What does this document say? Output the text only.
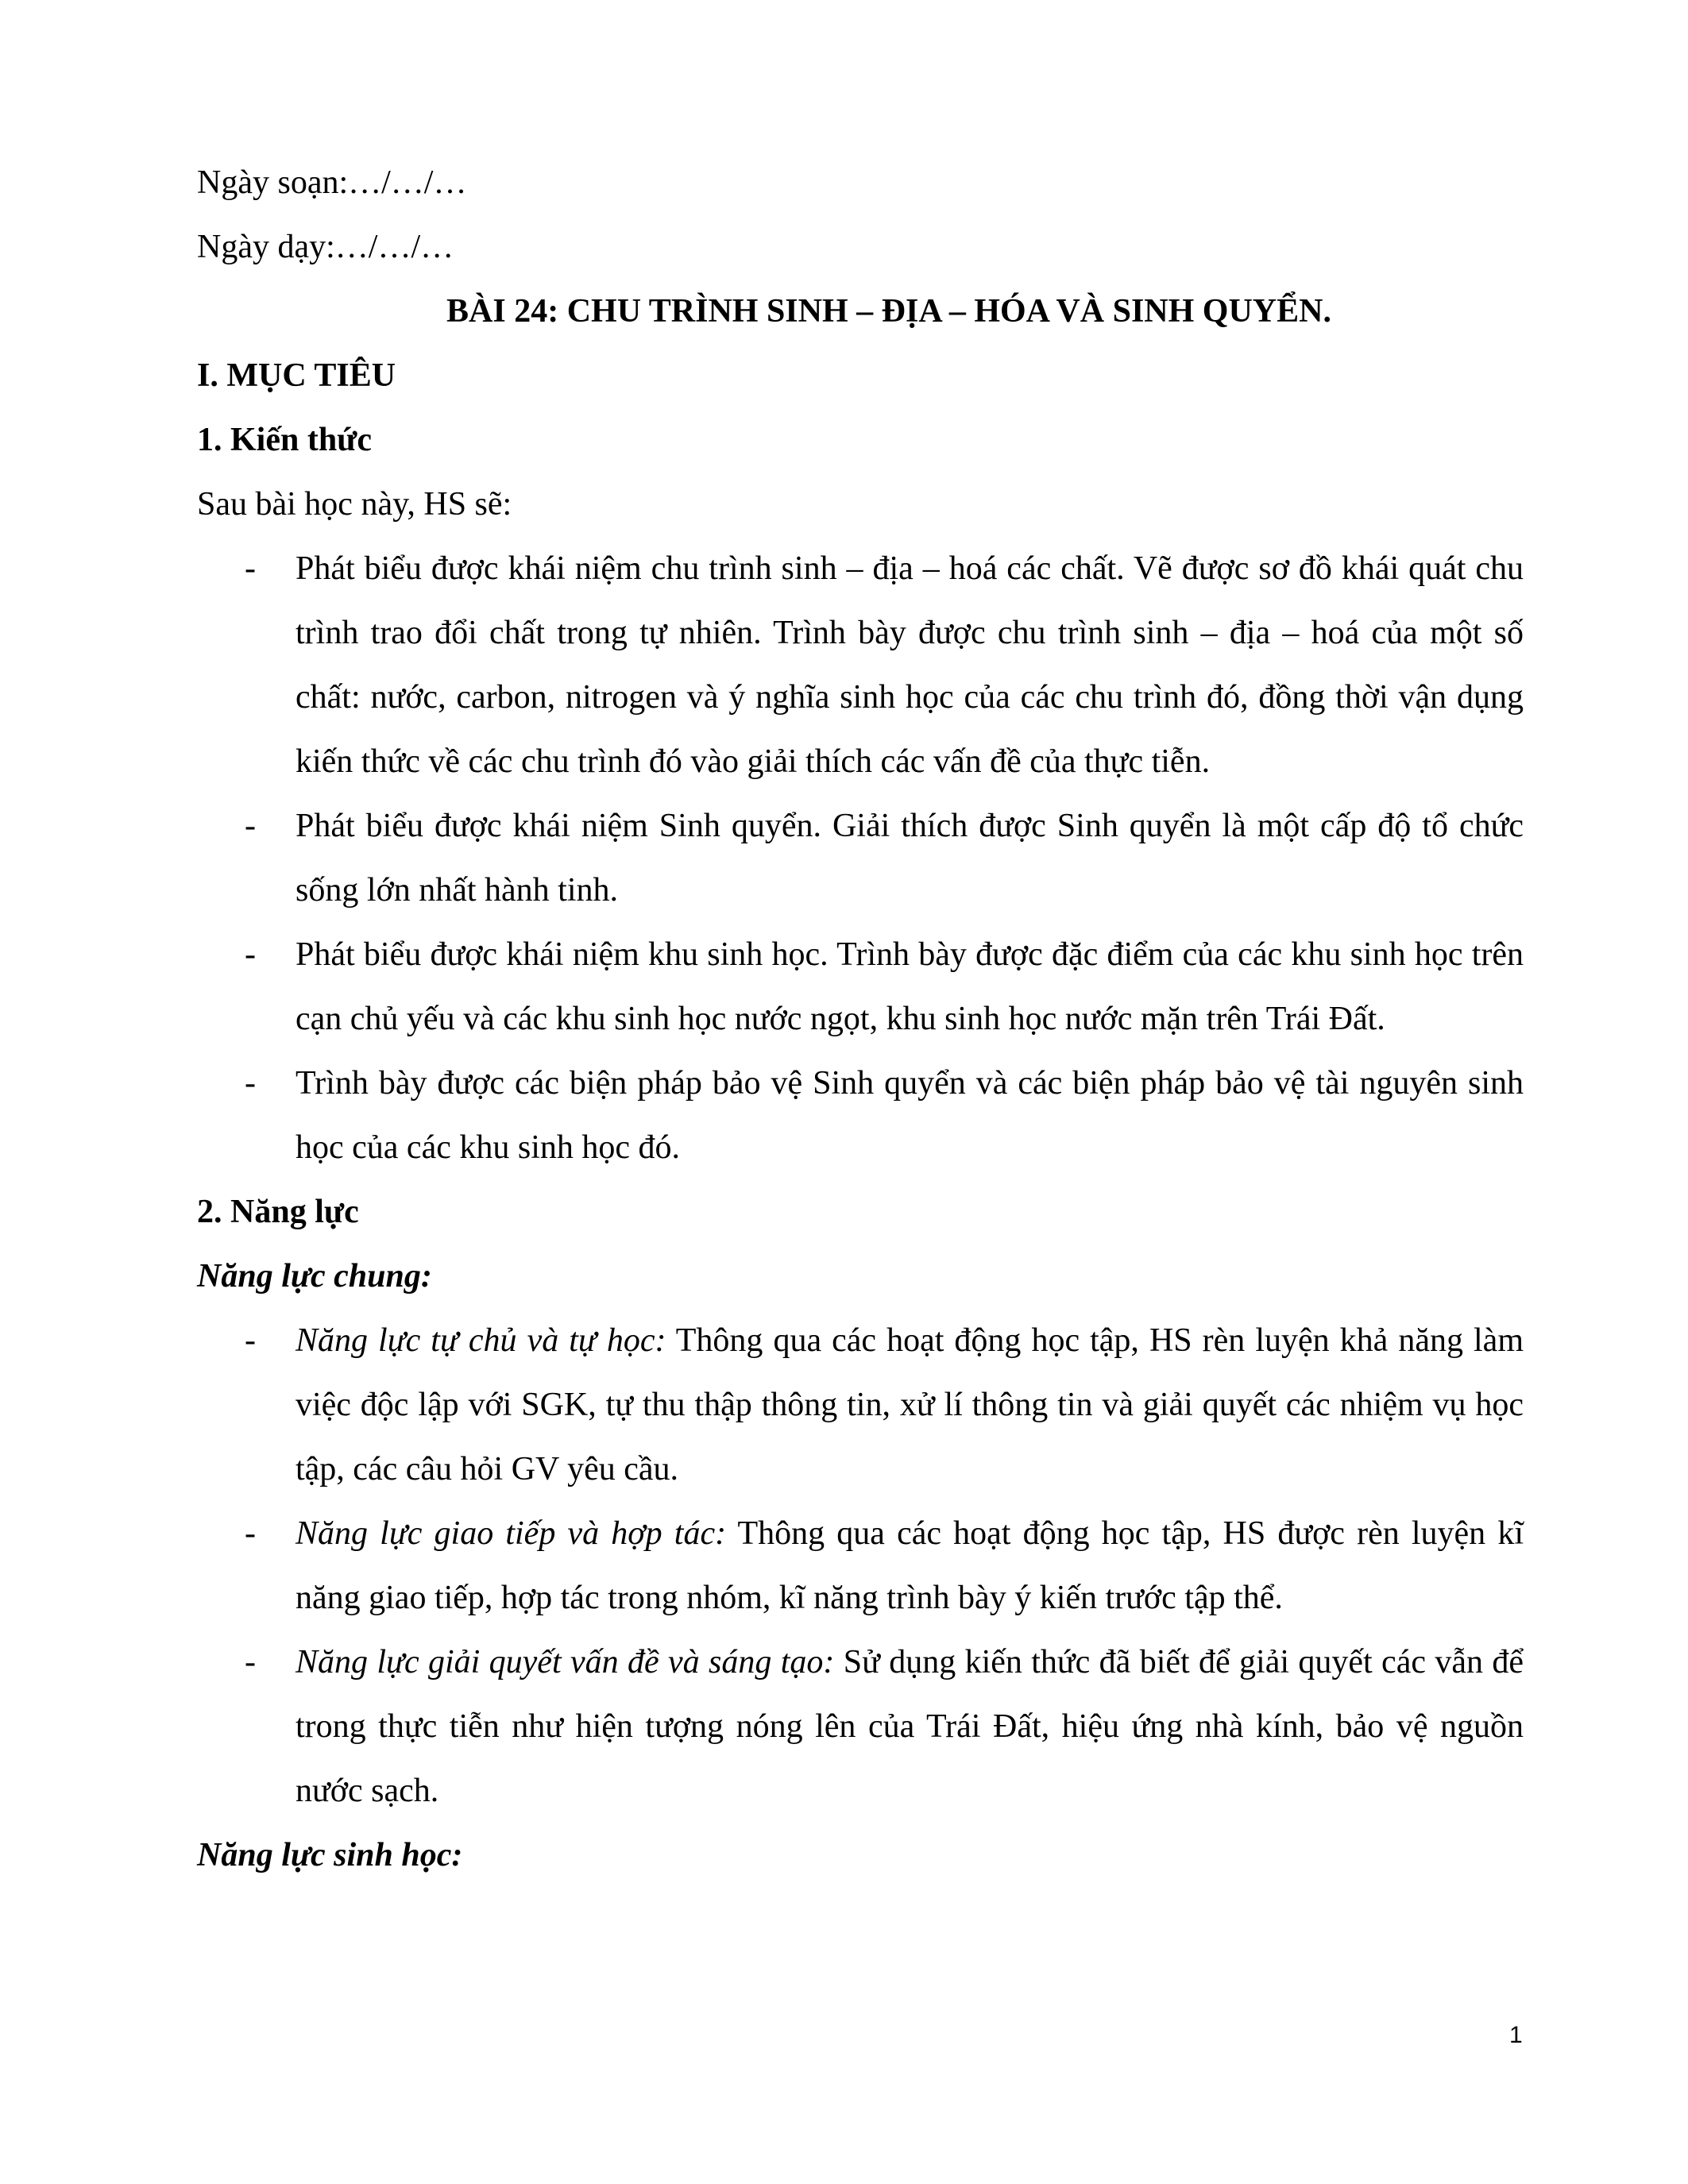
Ngày soạn:…/…/…

Ngày dạy:…/…/…

BÀI 24: CHU TRÌNH SINH – ĐỊA – HÓA VÀ SINH QUYỂN.

I. MỤC TIÊU

1. Kiến thức

Sau bài học này, HS sẽ:

- Phát biểu được khái niệm chu trình sinh – địa – hoá các chất. Vẽ được sơ đồ khái quát chu trình trao đổi chất trong tự nhiên. Trình bày được chu trình sinh – địa – hoá của một số chất: nước, carbon, nitrogen và ý nghĩa sinh học của các chu trình đó, đồng thời vận dụng kiến thức về các chu trình đó vào giải thích các vấn đề của thực tiễn.

- Phát biểu được khái niệm Sinh quyển. Giải thích được Sinh quyển là một cấp độ tổ chức sống lớn nhất hành tinh.

- Phát biểu được khái niệm khu sinh học. Trình bày được đặc điểm của các khu sinh học trên cạn chủ yếu và các khu sinh học nước ngọt, khu sinh học nước mặn trên Trái Đất.

- Trình bày được các biện pháp bảo vệ Sinh quyển và các biện pháp bảo vệ tài nguyên sinh học của các khu sinh học đó.

2. Năng lực

Năng lực chung:

- Năng lực tự chủ và tự học: Thông qua các hoạt động học tập, HS rèn luyện khả năng làm việc độc lập với SGK, tự thu thập thông tin, xử lí thông tin và giải quyết các nhiệm vụ học tập, các câu hỏi GV yêu cầu.

- Năng lực giao tiếp và hợp tác: Thông qua các hoạt động học tập, HS được rèn luyện kĩ năng giao tiếp, hợp tác trong nhóm, kĩ năng trình bày ý kiến trước tập thể.

- Năng lực giải quyết vấn đề và sáng tạo: Sử dụng kiến thức đã biết để giải quyết các vẫn để trong thực tiễn như hiện tượng nóng lên của Trái Đất, hiệu ứng nhà kính, bảo vệ nguồn nước sạch.

Năng lực sinh học:

1
